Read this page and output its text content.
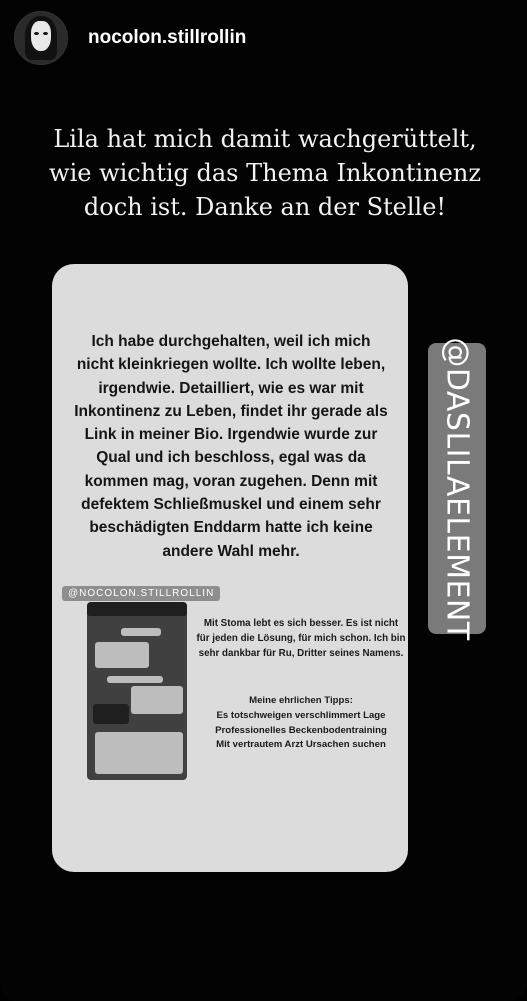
nocolon.stillrollin
Lila hat mich damit wachgerüttelt,
wie wichtig das Thema Inkontinenz
doch ist. Danke an der Stelle!
Ich habe durchgehalten, weil ich mich nicht kleinkriegen wollte. Ich wollte leben, irgendwie. Detailliert, wie es war mit Inkontinenz zu Leben, findet ihr gerade als Link in meiner Bio. Irgendwie wurde zur Qual und ich beschloss, egal was da kommen mag, voran zugehen. Denn mit defektem Schließmuskel und einem sehr beschädigten Enddarm hatte ich keine andere Wahl mehr.
@NOCOLON.STILLROLLIN
Mit Stoma lebt es sich besser. Es ist nicht für jeden die Lösung, für mich schon. Ich bin sehr dankbar für Ru, Dritter seines Namens.
Meine ehrlichen Tipps:
Es totschweigen verschlimmert Lage
Professionelles Beckenbodentraining
Mit vertrautem Arzt Ursachen suchen
@DASLILAELEMENT
